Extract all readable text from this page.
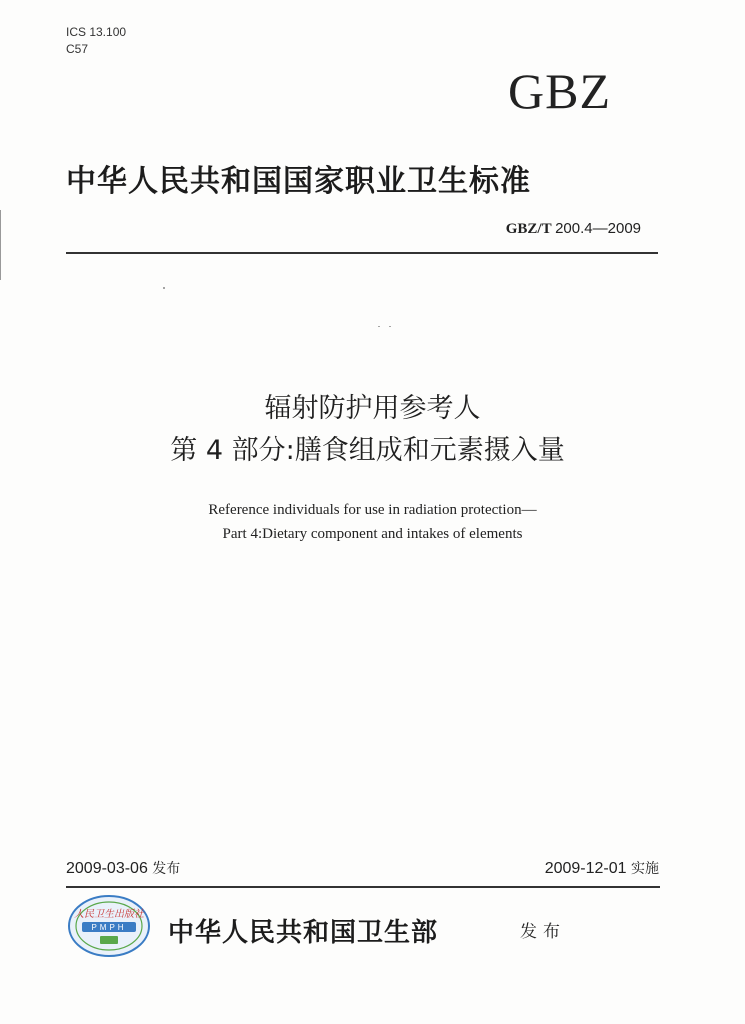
ICS 13.100
C57
GBZ
中华人民共和国国家职业卫生标准
GBZ/T 200.4—2009
辐射防护用参考人
第 4 部分:膳食组成和元素摄入量
Reference individuals for use in radiation protection—
Part 4:Dietary component and intakes of elements
2009-03-06 发布	2009-12-01 实施
人民卫生出版社
PMPH 中华人民共和国卫生部	发布
